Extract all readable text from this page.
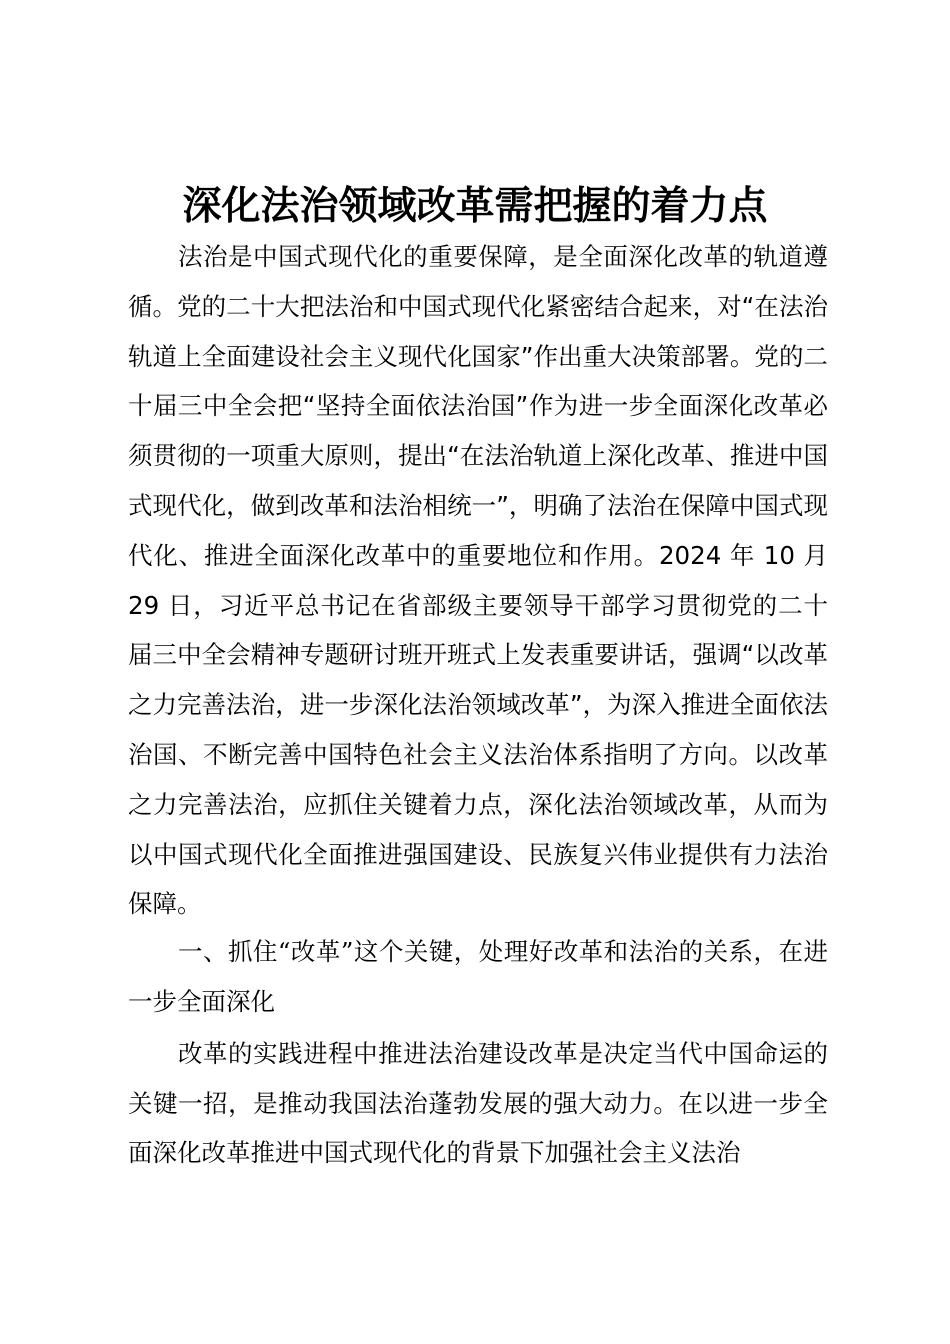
深化法治领域改革需把握的着力点
法治是中国式现代化的重要保障，是全面深化改革的轨道遵循。党的二十大把法治和中国式现代化紧密结合起来，对“在法治轨道上全面建设社会主义现代化国家”作出重大决策部署。党的二十届三中全会把“坚持全面依法治国”作为进一步全面深化改革必须贯彻的一项重大原则，提出“在法治轨道上深化改革、推进中国式现代化，做到改革和法治相统一”，明确了法治在保障中国式现代化、推进全面深化改革中的重要地位和作用。2024 年 10 月 29 日，习近平总书记在省部级主要领导干部学习贯彻党的二十届三中全会精神专题研讨班开班式上发表重要讲话，强调“以改革之力完善法治，进一步深化法治领域改革”，为深入推进全面依法治国、不断完善中国特色社会主义法治体系指明了方向。以改革之力完善法治，应抓住关键着力点，深化法治领域改革，从而为以中国式现代化全面推进强国建设、民族复兴伟业提供有力法治保障。
一、抓住“改革”这个关键，处理好改革和法治的关系，在进一步全面深化
改革的实践进程中推进法治建设改革是决定当代中国命运的关键一招，是推动我国法治蓬勃发展的强大动力。在以进一步全面深化改革推进中国式现代化的背景下加强社会主义法治
